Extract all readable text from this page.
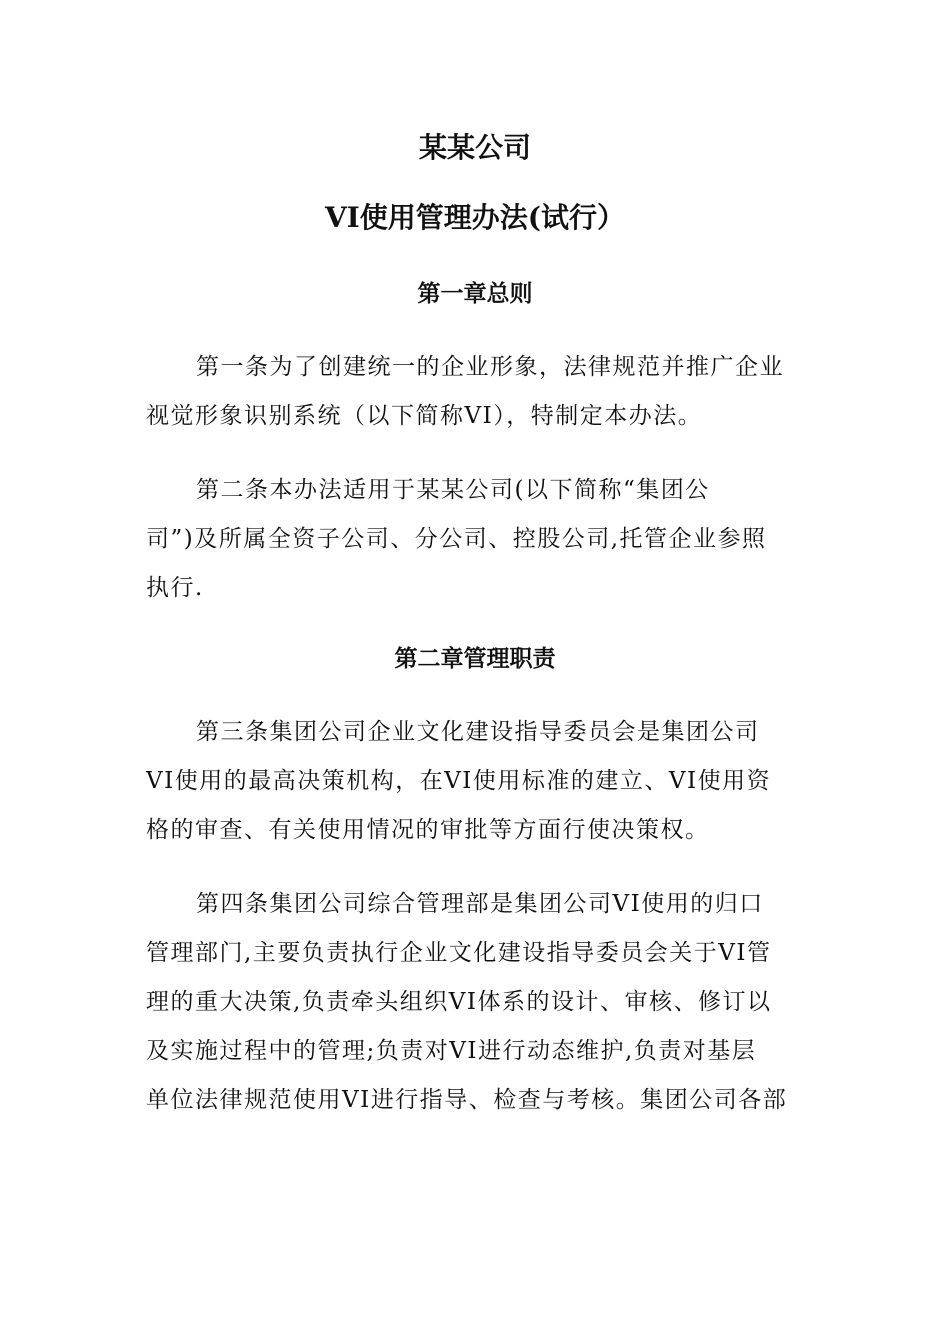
某某公司
VI使用管理办法(试行）
第一章总则

第一条为了创建统一的企业形象，法律规范并推广企业

视觉形象识别系统（以下简称VI），特制定本办法。

第二条本办法适用于某某公司(以下简称“集团公

司”)及所属全资子公司、分公司、控股公司,托管企业参照

执行.

第二章管理职责

第三条集团公司企业文化建设指导委员会是集团公司

VI使用的最高决策机构，在VI使用标准的建立、VI使用资

格的审查、有关使用情况的审批等方面行使决策权。

第四条集团公司综合管理部是集团公司VI使用的归口

管理部门,主要负责执行企业文化建设指导委员会关于VI管

理的重大决策,负责牵头组织VI体系的设计、审核、修订以

及实施过程中的管理;负责对VI进行动态维护,负责对基层

单位法律规范使用VI进行指导、检查与考核。集团公司各部
